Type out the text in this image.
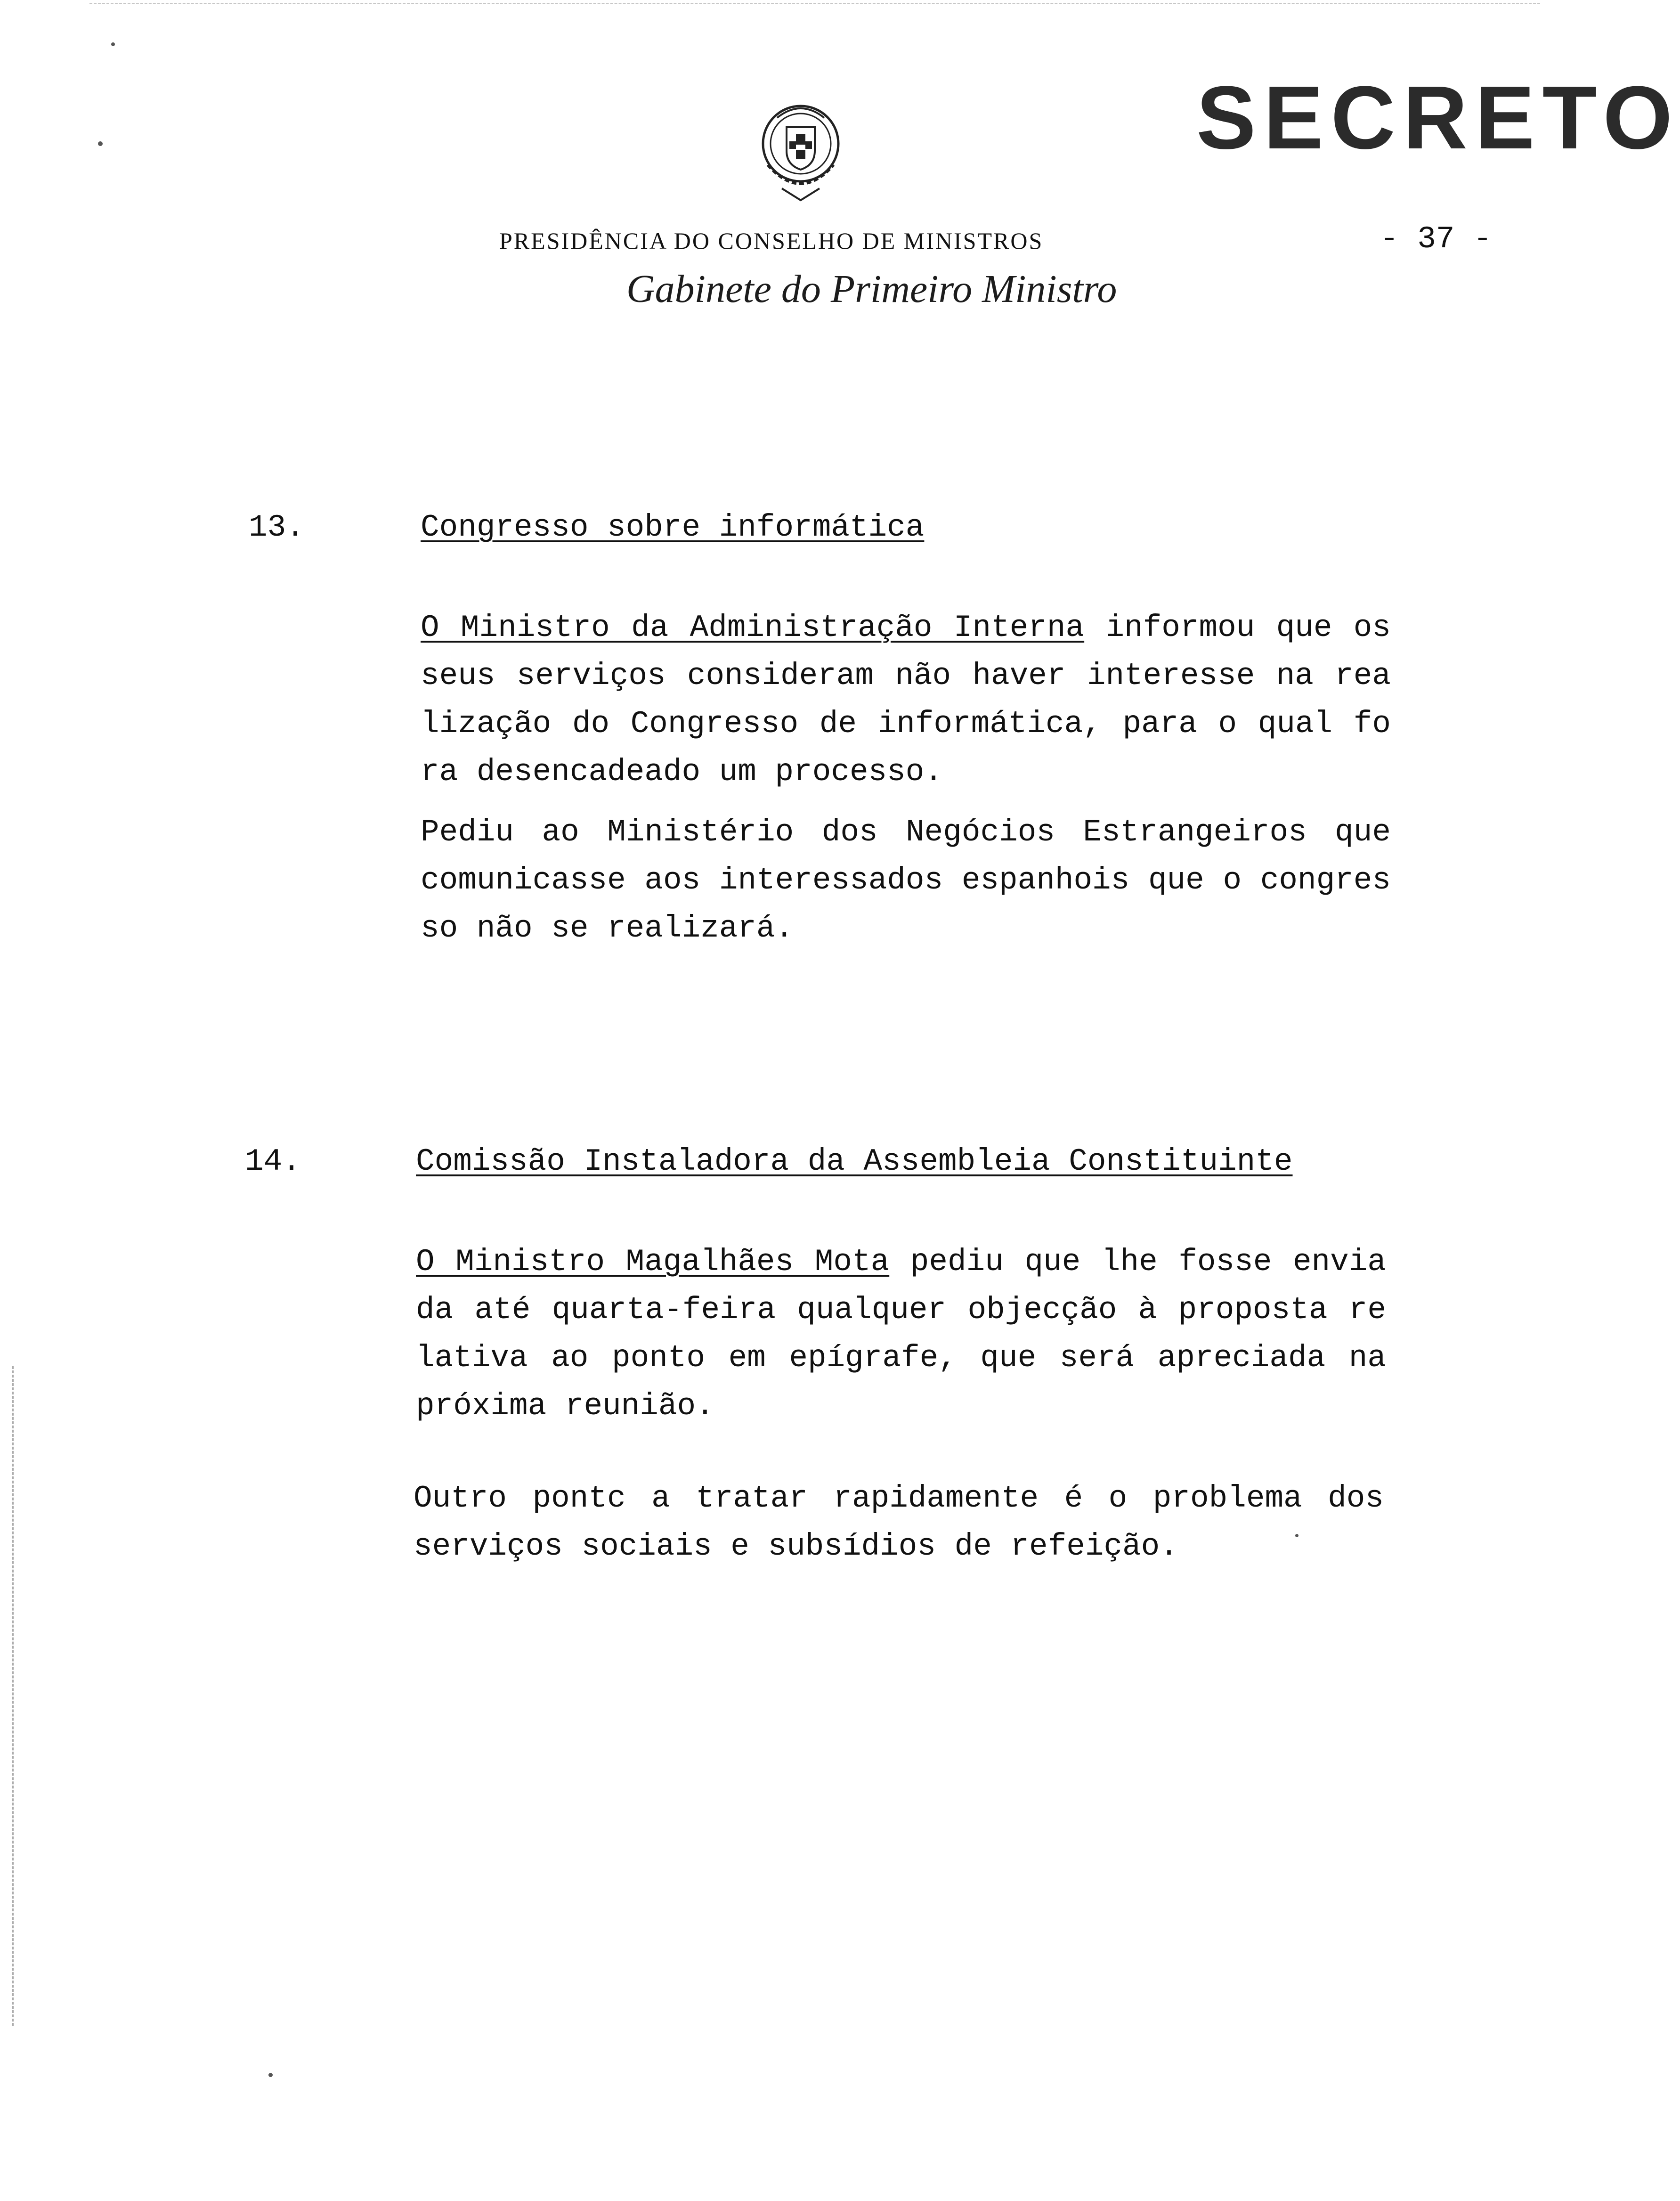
SECRETO
PRESIDÊNCIA DO CONSELHO DE MINISTROS	- 37 -
Gabinete do Primeiro Ministro
13.	Congresso sobre informática
O Ministro da Administração Interna informou que os
seus serviços consideram não haver interesse na rea
lização do Congresso de informática, para o qual fo
ra desencadeado um processo.
Pediu ao Ministério dos Negócios Estrangeiros que
comunicasse aos interessados espanhois que o congres
so não se realizará.
14.	Comissão Instaladora da Assembleia Constituinte
O Ministro Magalhães Mota pediu que lhe fosse envia
da até quarta-feira qualquer objecção à proposta re
lativa ao ponto em epígrafe, que será apreciada na
próxima reunião.
Outro pontc a tratar rapidamente é o problema dos
serviços sociais e subsídios de refeição.
